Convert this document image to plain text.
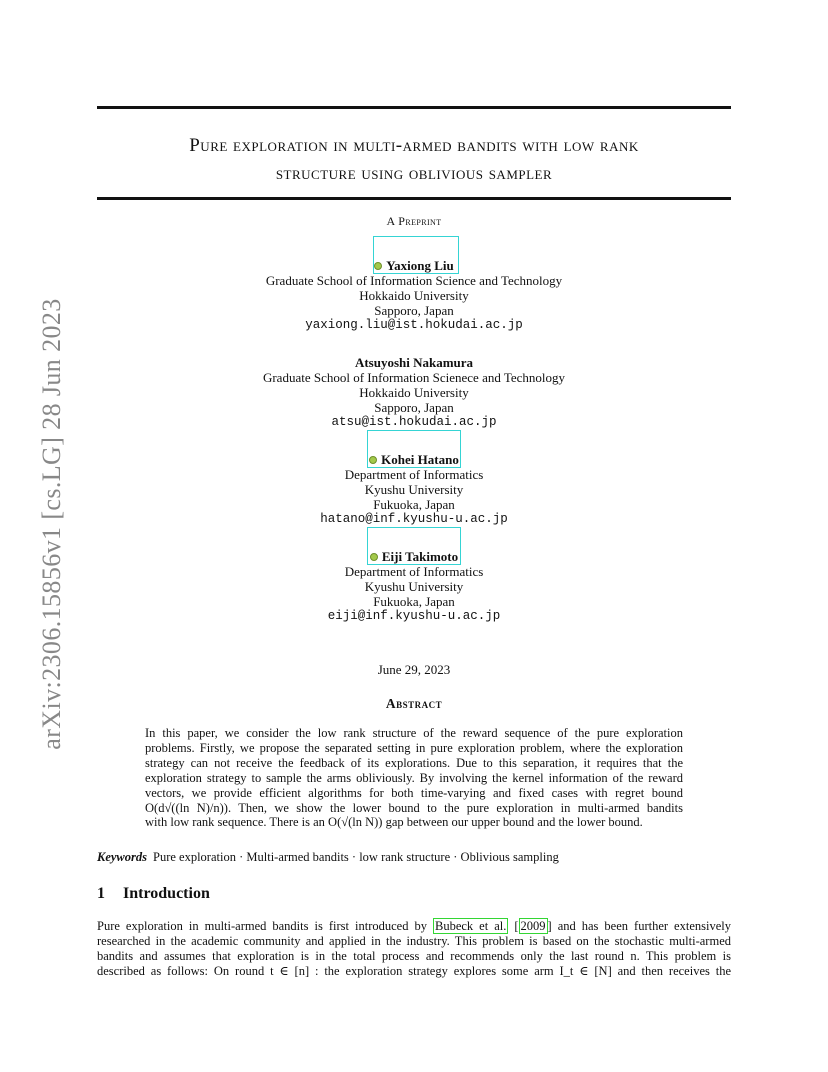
arXiv:2306.15856v1 [cs.LG] 28 Jun 2023
Pure exploration in multi-armed bandits with low rank
structure using oblivious sampler
A Preprint
Yaxiong Liu
Graduate School of Information Science and Technology
Hokkaido University
Sapporo, Japan
yaxiong.liu@ist.hokudai.ac.jp
Atsuyoshi Nakamura
Graduate School of Information Scienece and Technology
Hokkaido University
Sapporo, Japan
atsu@ist.hokudai.ac.jp
Kohei Hatano
Department of Informatics
Kyushu University
Fukuoka, Japan
hatano@inf.kyushu-u.ac.jp
Eiji Takimoto
Department of Informatics
Kyushu University
Fukuoka, Japan
eiji@inf.kyushu-u.ac.jp
June 29, 2023
Abstract
In this paper, we consider the low rank structure of the reward sequence of the pure exploration
problems. Firstly, we propose the separated setting in pure exploration problem, where the exploration
strategy can not receive the feedback of its explorations. Due to this separation, it requires that the
exploration strategy to sample the arms obliviously. By involving the kernel information of the reward
vectors, we provide efficient algorithms for both time-varying and fixed cases with regret bound
O(d√((ln N)/n)). Then, we show the lower bound to the pure exploration in multi-armed bandits
with low rank sequence. There is an O(√(ln N)) gap between our upper bound and the lower bound.
Keywords Pure exploration · Multi-armed bandits · low rank structure · Oblivious sampling
1 Introduction
Pure exploration in multi-armed bandits is first introduced by Bubeck et al. [ 2009 ] and has been further extensively
researched in the academic community and applied in the industry. This problem is based on the stochastic multi-armed
bandits and assumes that exploration is in the total process and recommends only the last round n. This problem is
described as follows: On round t ∈ [n] : the exploration strategy explores some arm I_t ∈ [N] and then receives the
